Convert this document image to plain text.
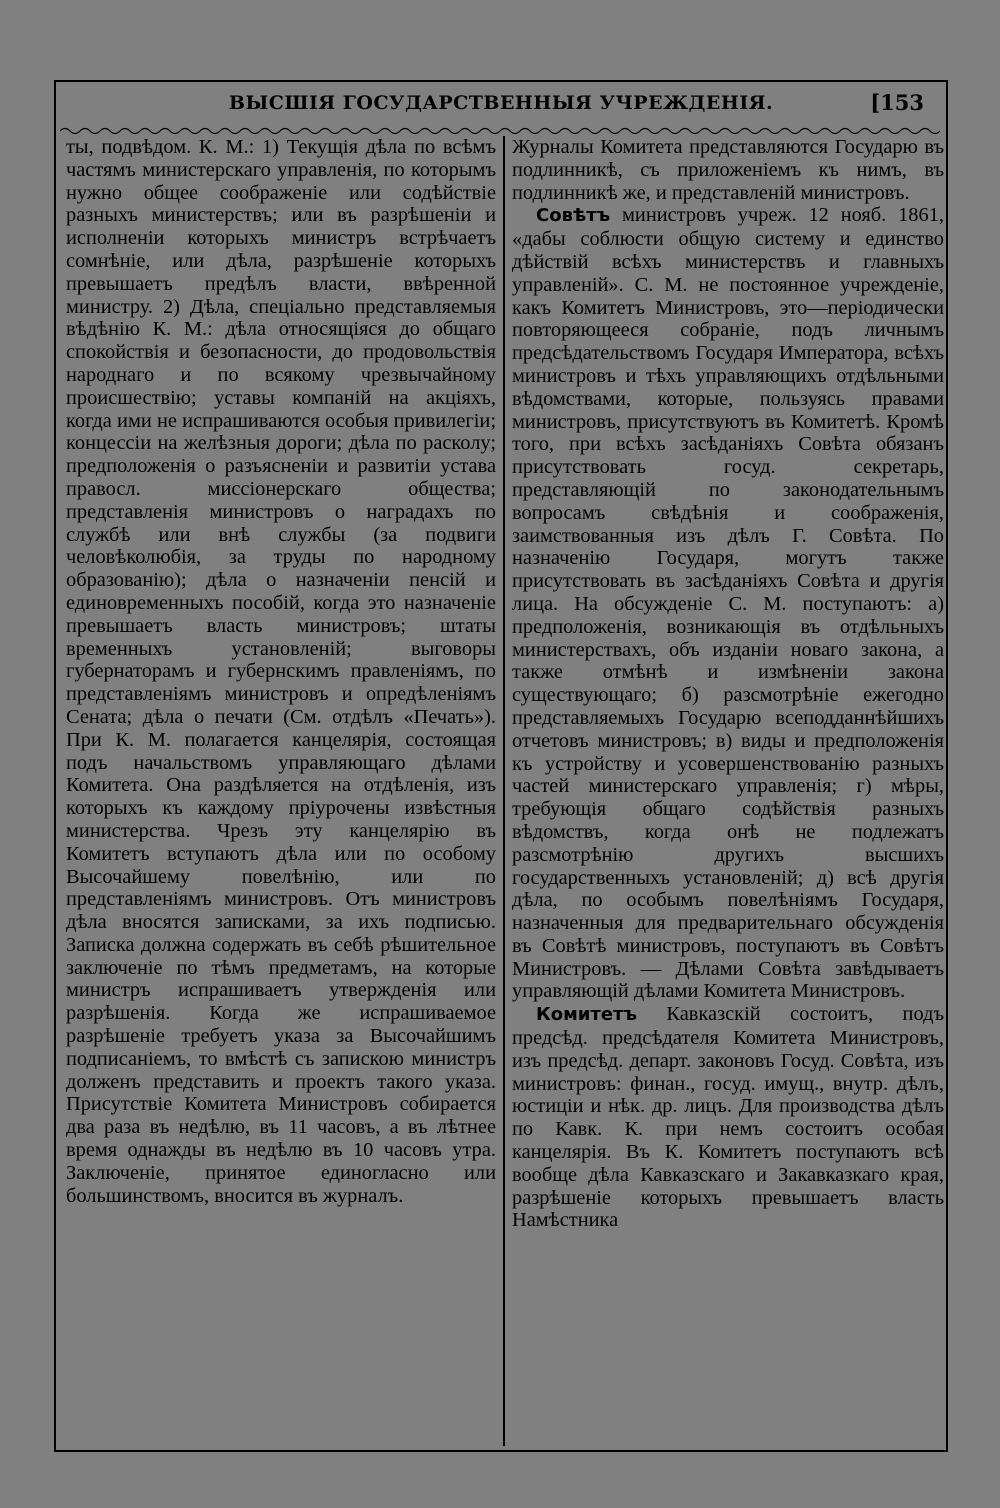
ВЫСШІЯ ГОСУДАРСТВЕННЫЯ УЧРЕЖДЕНІЯ.	[153

ты, подвѣдом. К. М.: 1) Текущія дѣла по всѣмъ частямъ министерскаго управленія, по которымъ нужно общее соображеніе или содѣйствіе разныхъ министерствъ; или въ разрѣшеніи и исполненіи которыхъ министръ встрѣчаетъ сомнѣніе, или дѣла, разрѣшеніе которыхъ превышаетъ предѣлъ власти, ввѣренной министру. 2) Дѣла, спеціально представляемыя вѣдѣнію К. М.: дѣла относящіяся до общаго спокойствія и безопасности, до продовольствія народнаго и по всякому чрезвычайному происшествію; уставы компаній на акціяхъ, когда ими не испрашиваются особыя привилегіи; концессіи на желѣзныя дороги; дѣла по расколу; предположенія о разъясненіи и развитіи устава правосл. миссіонерскаго общества; представленія министровъ о наградахъ по службѣ или внѣ службы (за подвиги человѣколюбія, за труды по народному образованію); дѣла о назначеніи пенсій и единовременныхъ пособій, когда это назначеніе превышаетъ власть министровъ; штаты временныхъ установленій; выговоры губернаторамъ и губернскимъ правленіямъ, по представленіямъ министровъ и опредѣленіямъ Сената; дѣла о печати (См. отдѣлъ «Печать»). При К. М. полагается канцелярія, состоящая подъ начальствомъ управляющаго дѣлами Комитета. Она раздѣляется на отдѣленія, изъ которыхъ къ каждому пріурочены извѣстныя министерства. Чрезъ эту канцелярію въ Комитетъ вступаютъ дѣла или по особому Высочайшему повелѣнію, или по представленіямъ министровъ. Отъ министровъ дѣла вносятся записками, за ихъ подписью. Записка должна содержать въ себѣ рѣшительное заключеніе по тѣмъ предметамъ, на которые министръ испрашиваетъ утвержденія или разрѣшенія. Когда же испрашиваемое разрѣшеніе требуетъ указа за Высочайшимъ подписаніемъ, то вмѣстѣ съ запискою министръ долженъ представить и проектъ такого указа. Присутствіе Комитета Министровъ собирается два раза въ недѣлю, въ 11 часовъ, а въ лѣтнее время однажды въ недѣлю въ 10 часовъ утра. Заключеніе, принятое единогласно или большинствомъ, вносится въ журналъ.

Журналы Комитета представляются Государю въ подлинникѣ, съ приложеніемъ къ нимъ, въ подлинникѣ же, и представленій министровъ.

Совѣтъ министровъ учреж. 12 нояб. 1861, «дабы соблюсти общую систему и единство дѣйствій всѣхъ министерствъ и главныхъ управленій». С. М. не постоянное учрежденіе, какъ Комитетъ Министровъ, это—періодически повторяющееся собраніе, подъ личнымъ предсѣдательствомъ Государя Императора, всѣхъ министровъ и тѣхъ управляющихъ отдѣльными вѣдомствами, которые, пользуясь правами министровъ, присутствуютъ въ Комитетѣ. Кромѣ того, при всѣхъ засѣданіяхъ Совѣта обязанъ присутствовать госуд. секретарь, представляющій по законодательнымъ вопросамъ свѣдѣнія и соображенія, заимствованныя изъ дѣлъ Г. Совѣта. По назначенію Государя, могутъ также присутствовать въ засѣданіяхъ Совѣта и другія лица. На обсужденіе С. М. поступаютъ: а) предположенія, возникающія въ отдѣльныхъ министерствахъ, объ изданіи новаго закона, а также отмѣнѣ и измѣненіи закона существующаго; б) разсмотрѣніе ежегодно представляемыхъ Государю всеподданнѣйшихъ отчетовъ министровъ; в) виды и предположенія къ устройству и усовершенствованію разныхъ частей министерскаго управленія; г) мѣры, требующія общаго содѣйствія разныхъ вѣдомствъ, когда онѣ не подлежатъ разсмотрѣнію другихъ высшихъ государственныхъ установленій; д) всѣ другія дѣла, по особымъ повелѣніямъ Государя, назначенныя для предварительнаго обсужденія въ Совѣтѣ министровъ, поступаютъ въ Совѣтъ Министровъ. — Дѣлами Совѣта завѣдываетъ управляющій дѣлами Комитета Министровъ.

Комитетъ Кавказскій состоитъ, подъ предсѣд. предсѣдателя Комитета Министровъ, изъ предсѣд. департ. законовъ Госуд. Совѣта, изъ министровъ: финан., госуд. имущ., внутр. дѣлъ, юстиціи и нѣк. др. лицъ. Для производства дѣлъ по Кавк. К. при немъ состоитъ особая канцелярія. Въ К. Комитетъ поступаютъ всѣ вообще дѣла Кавказскаго и Закавказкаго края, разрѣшеніе которыхъ превышаетъ власть Намѣстника
